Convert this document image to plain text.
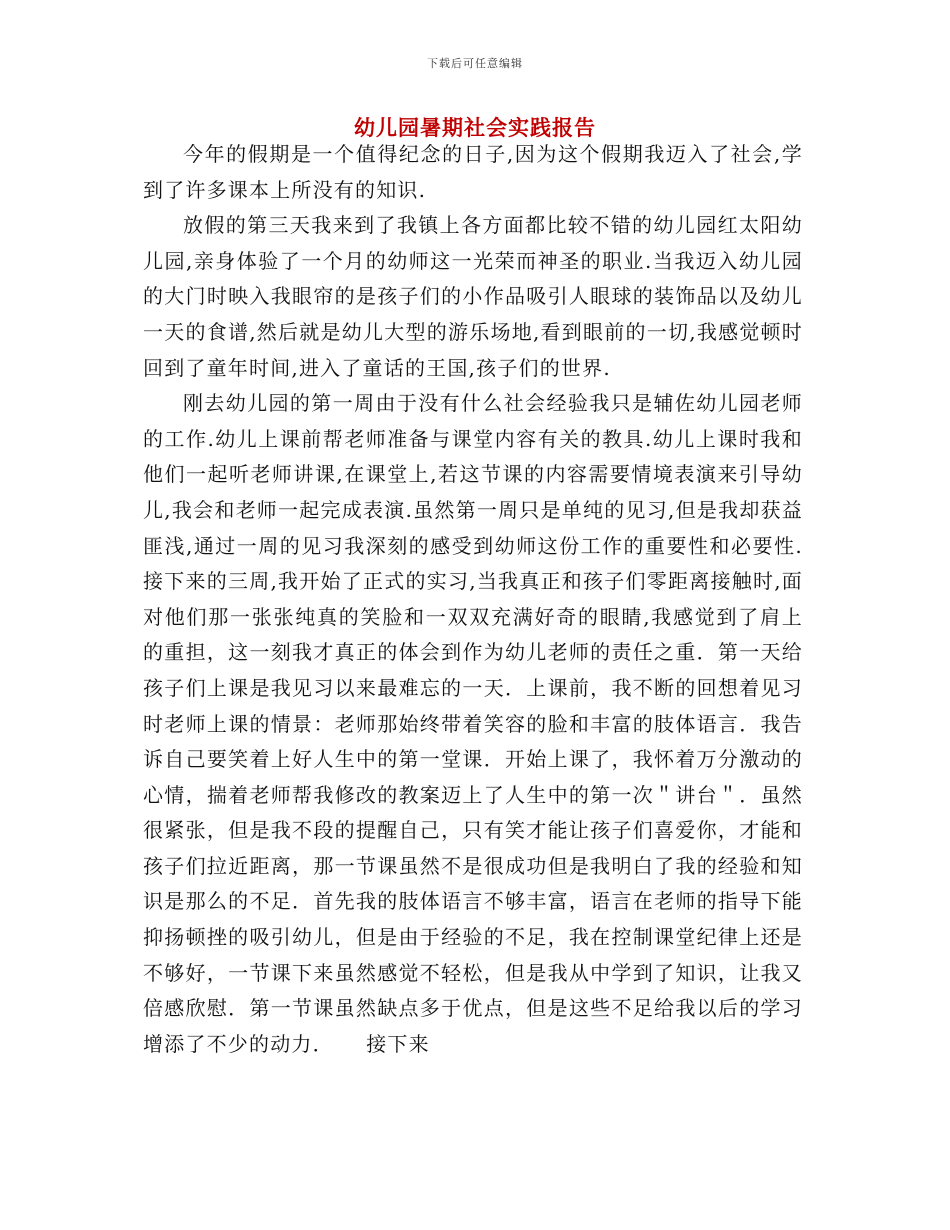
下载后可任意编辑
幼儿园暑期社会实践报告

今年的假期是一个值得纪念的日子,因为这个假期我迈入了社会,学到了许多课本上所没有的知识.

放假的第三天我来到了我镇上各方面都比较不错的幼儿园红太阳幼儿园,亲身体验了一个月的幼师这一光荣而神圣的职业.当我迈入幼儿园的大门时映入我眼帘的是孩子们的小作品吸引人眼球的装饰品以及幼儿一天的食谱,然后就是幼儿大型的游乐场地,看到眼前的一切,我感觉顿时回到了童年时间,进入了童话的王国,孩子们的世界.

刚去幼儿园的第一周由于没有什么社会经验我只是辅佐幼儿园老师的工作.幼儿上课前帮老师准备与课堂内容有关的教具.幼儿上课时我和他们一起听老师讲课,在课堂上,若这节课的内容需要情境表演来引导幼儿,我会和老师一起完成表演.虽然第一周只是单纯的见习,但是我却获益匪浅,通过一周的见习我深刻的感受到幼师这份工作的重要性和必要性.接下来的三周,我开始了正式的实习,当我真正和孩子们零距离接触时,面对他们那一张张纯真的笑脸和一双双充满好奇的眼睛,我感觉到了肩上的重担，这一刻我才真正的体会到作为幼儿老师的责任之重．第一天给孩子们上课是我见习以来最难忘的一天．上课前，我不断的回想着见习时老师上课的情景：老师那始终带着笑容的脸和丰富的肢体语言．我告诉自己要笑着上好人生中的第一堂课．开始上课了，我怀着万分激动的心情，揣着老师帮我修改的教案迈上了人生中的第一次＂讲台＂．虽然很紧张，但是我不段的提醒自己，只有笑才能让孩子们喜爱你，才能和孩子们拉近距离，那一节课虽然不是很成功但是我明白了我的经验和知识是那么的不足．首先我的肢体语言不够丰富，语言在老师的指导下能抑扬顿挫的吸引幼儿，但是由于经验的不足，我在控制课堂纪律上还是不够好，一节课下来虽然感觉不轻松，但是我从中学到了知识，让我又倍感欣慰．第一节课虽然缺点多于优点，但是这些不足给我以后的学习增添了不少的动力．　　接下来
